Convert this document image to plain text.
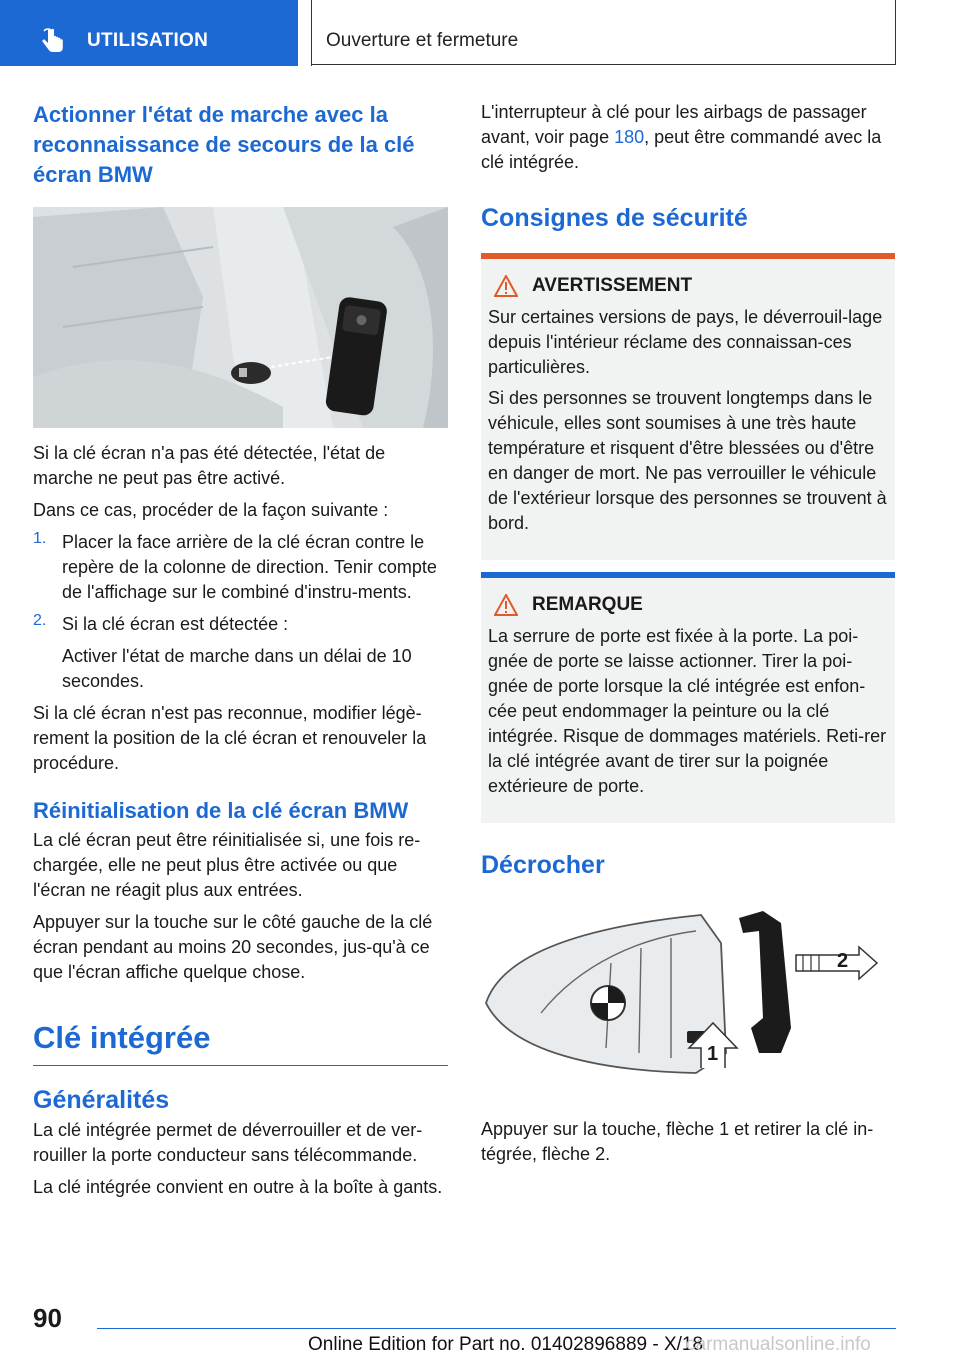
UTILISATION	Ouverture et fermeture
Actionner l'état de marche avec la reconnaissance de secours de la clé écran BMW

Si la clé écran n'a pas été détectée, l'état de marche ne peut pas être activé.

Dans ce cas, procéder de la façon suivante :

1. Placer la face arrière de la clé écran contre le repère de la colonne de direction. Tenir compte de l'affichage sur le combiné d'instru‐ments.

2. Si la clé écran est détectée :

Activer l'état de marche dans un délai de 10 secondes.

Si la clé écran n'est pas reconnue, modifier légè‐rement la position de la clé écran et renouveler la procédure.

Réinitialisation de la clé écran BMW

La clé écran peut être réinitialisée si, une fois re‐chargée, elle ne peut plus être activée ou que l'écran ne réagit plus aux entrées.

Appuyer sur la touche sur le côté gauche de la clé écran pendant au moins 20 secondes, jus‐qu'à ce que l'écran affiche quelque chose.

Clé intégrée
Généralités

La clé intégrée permet de déverrouiller et de ver‐rouiller la porte conducteur sans télécommande.

La clé intégrée convient en outre à la boîte à gants.

L'interrupteur à clé pour les airbags de passager avant, voir page 180, peut être commandé avec la clé intégrée.

Consignes de sécurité
AVERTISSEMENT

Sur certaines versions de pays, le déverrouil‐lage depuis l'intérieur réclame des connaissan‐ces particulières.

Si des personnes se trouvent longtemps dans le véhicule, elles sont soumises à une très haute température et risquent d'être blessées ou d'être en danger de mort. Ne pas verrouiller le véhicule de l'extérieur lorsque des personnes se trouvent à bord.

REMARQUE

La serrure de porte est fixée à la porte. La poi‐gnée de porte se laisse actionner. Tirer la poi‐gnée de porte lorsque la clé intégrée est enfon‐cée peut endommager la peinture ou la clé intégrée. Risque de dommages matériels. Reti‐rer la clé intégrée avant de tirer sur la poignée extérieure de porte.

Décrocher
2
1

Appuyer sur la touche, flèche 1 et retirer la clé in‐tégrée, flèche 2.

90
Online Edition for Part no. 01402896889 - X/18
carmanualsonline.info
